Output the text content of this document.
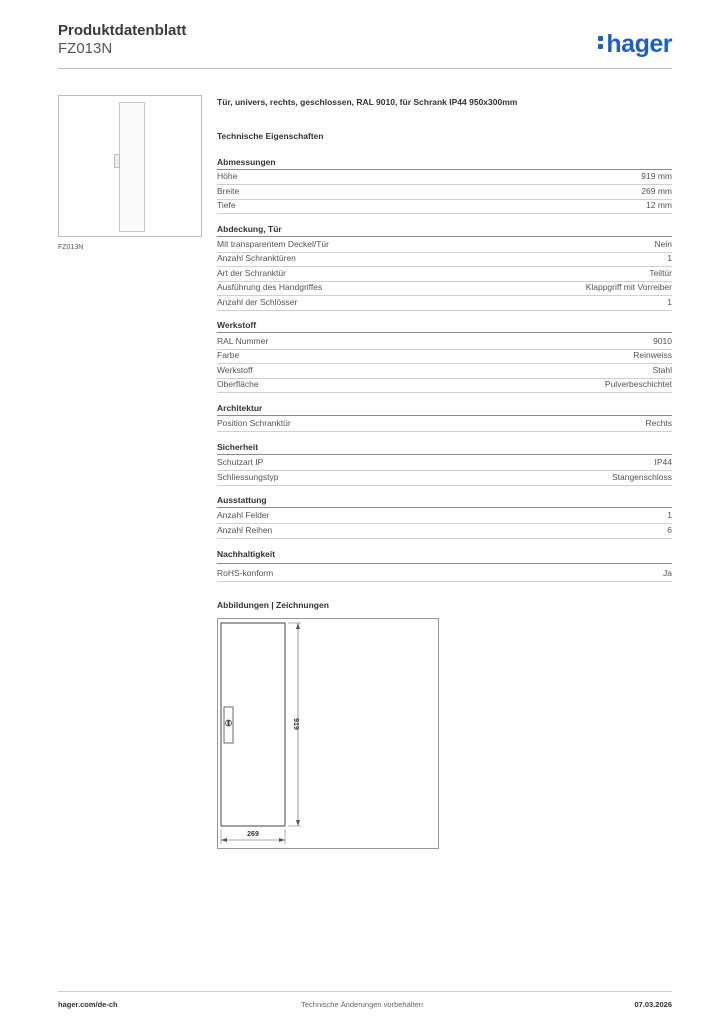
Produktdatenblatt
FZ013N	hager
FZ013N
Tür, univers, rechts, geschlossen, RAL 9010, für Schrank IP44 950x300mm
Technische Eigenschaften
Abmessungen
Höhe	919 mm
Breite	269 mm
Tiefe	12 mm
Abdeckung, Tür
Mit transparentem Deckel/Tür	Nein
Anzahl Schranktüren	1
Art der Schranktür	Teiltür
Ausführung des Handgriffes	Klappgriff mit Vorreiber
Anzahl der Schlösser	1
Werkstoff
RAL Nummer	9010
Farbe	Reinweiss
Werkstoff	Stahl
Oberfläche	Pulverbeschichtet
Architektur
Position Schranktür	Rechts
Sicherheit
Schutzart IP	IP44
Schliessungstyp	Stangenschloss
Ausstattung
Anzahl Felder	1
Anzahl Reihen	6
Nachhaltigkeit
RoHS-konform	Ja
Abbildungen | Zeichnungen
919
269
hager.com/de-ch	Technische Änderungen vorbehalten	07.03.2026
